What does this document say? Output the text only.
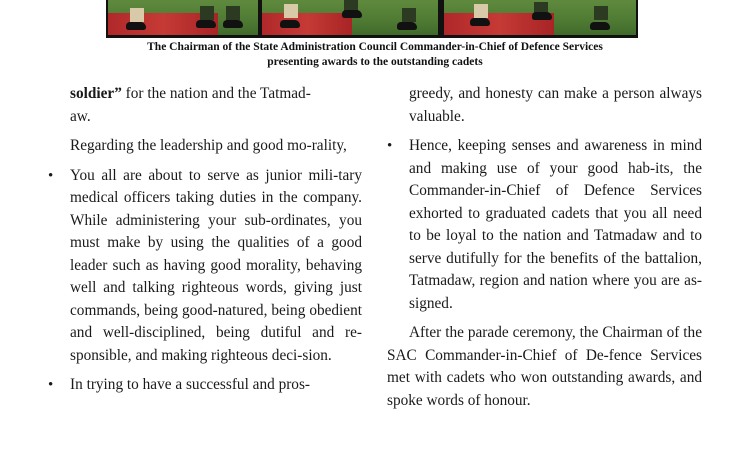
The Chairman of the State Administration Council Commander-in-Chief of Defence Services
presenting awards to the outstanding cadets

soldier” for the nation and the Tatmad-
aw.

Regarding the leadership and good mo-rality,

• You all are about to serve as junior mili-tary medical officers taking duties in the company. While administering your sub-ordinates, you must make by using the qualities of a good leader such as having good morality, behaving well and talking righteous words, giving just commands, being good-natured, being obedient and well-disciplined, being dutiful and re-sponsible, and making righteous deci-sion.
• In trying to have a successful and pros-

greedy, and honesty can make a person always valuable.

• Hence, keeping senses and awareness in mind and making use of your good hab-its, the Commander-in-Chief of Defence Services exhorted to graduated cadets that you all need to be loyal to the nation and Tatmadaw and to serve dutifully for the benefits of the battalion, Tatmadaw, region and nation where you are as-signed.

After the parade ceremony, the Chairman of the SAC Commander-in-Chief of De-fence Services met with cadets who won outstanding awards, and spoke words of honour.
